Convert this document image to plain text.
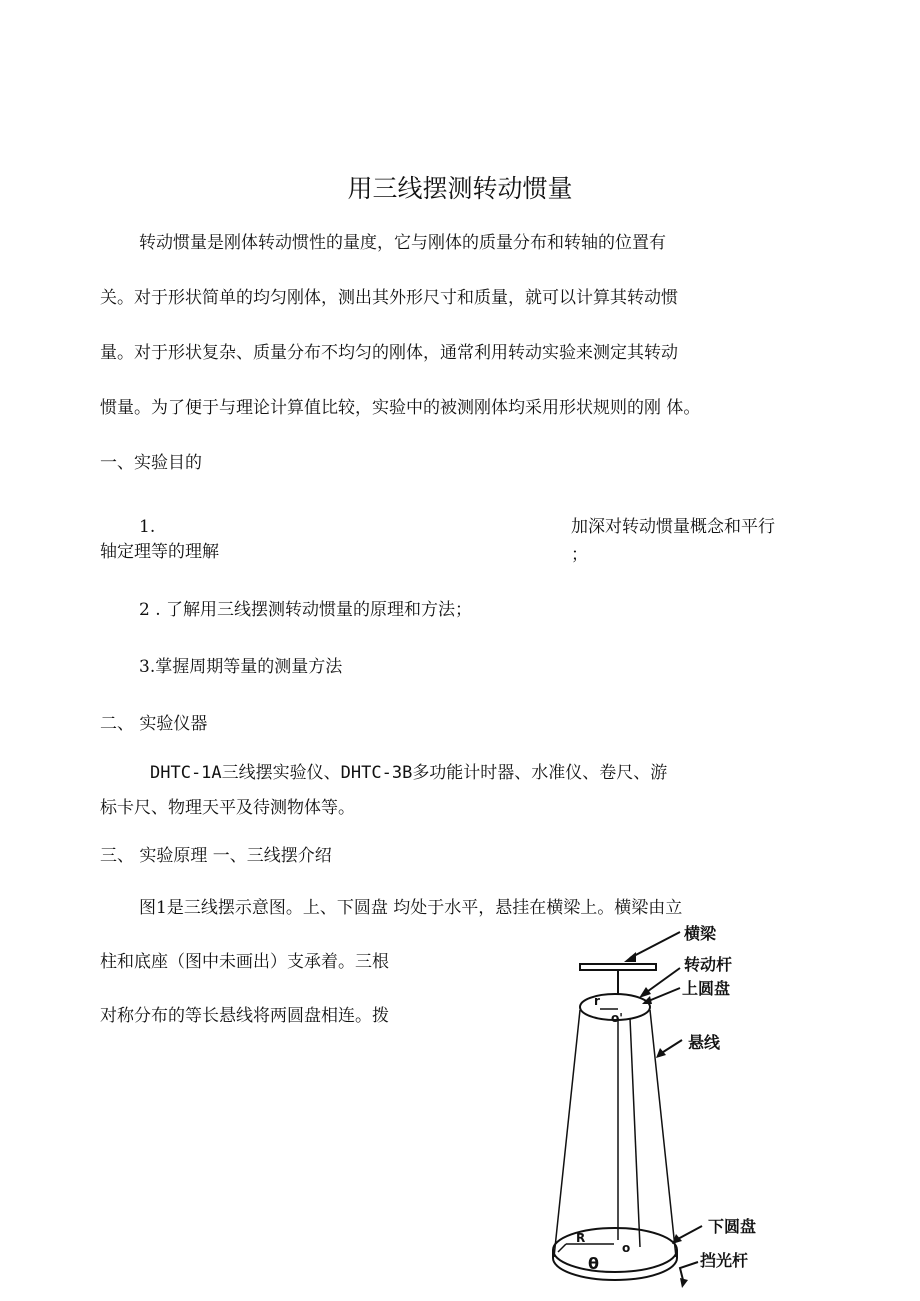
用三线摆测转动惯量
转动惯量是刚体转动惯性的量度，它与刚体的质量分布和转轴的位置有
关。对于形状简单的均匀刚体，测出其外形尺寸和质量，就可以计算其转动惯
量。对于形状复杂、质量分布不均匀的刚体，通常利用转动实验来测定其转动
惯量。为了便于与理论计算值比较，实验中的被测刚体均采用形状规则的刚 体。
一、实验目的
1.	加深对转动惯量概念和平行
轴定理等的理解	；
2 . 了解用三线摆测转动惯量的原理和方法；
3.掌握周期等量的测量方法
二、 实验仪器
DHTC-1A三线摆实验仪、DHTC-3B多功能计时器、水准仪、卷尺、游
标卡尺、物理天平及待测物体等。
三、 实验原理 一、三线摆介绍
图1是三线摆示意图。上、下圆盘 均处于水平，悬挂在横梁上。横梁由立
柱和底座（图中未画出）支承着。三根
对称分布的等长悬线将两圆盘相连。拨
横梁
转动杆
上圆盘
悬线
下圆盘
挡光杆
r
o'
R
o
θ
